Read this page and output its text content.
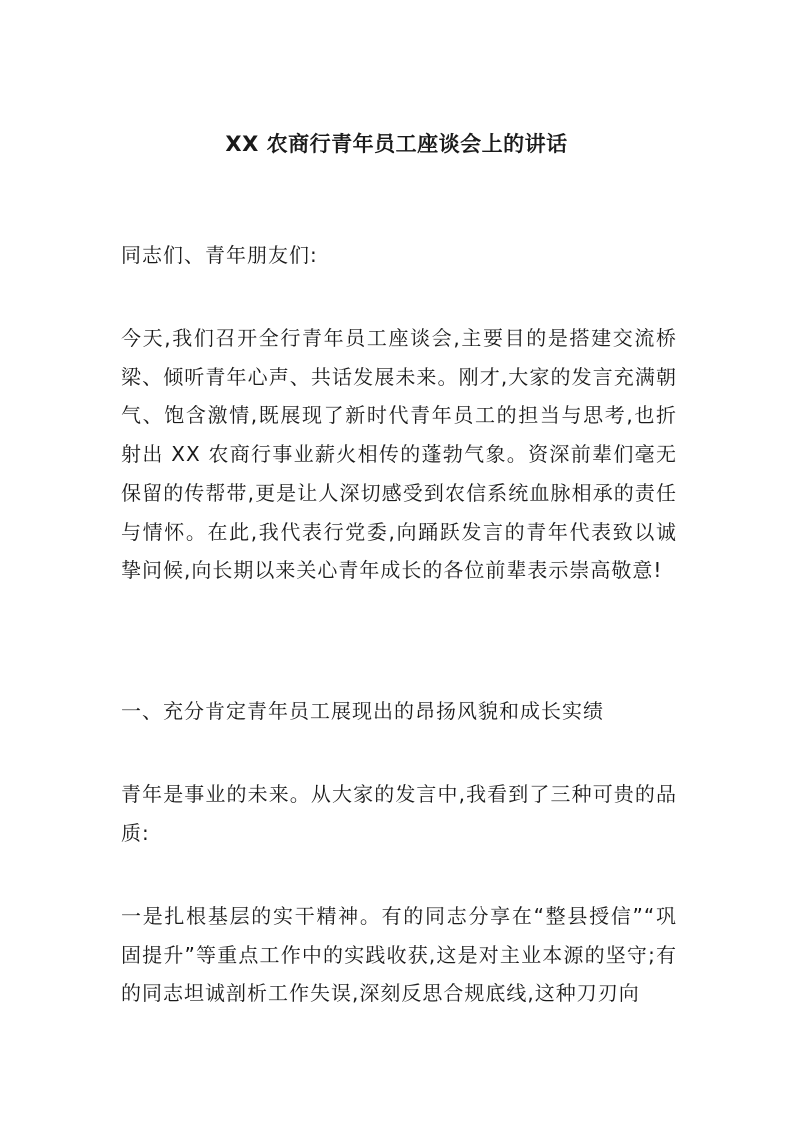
XX 农商行青年员工座谈会上的讲话
同志们、青年朋友们:
今天,我们召开全行青年员工座谈会,主要目的是搭建交流桥梁、倾听青年心声、共话发展未来。刚才,大家的发言充满朝气、饱含激情,既展现了新时代青年员工的担当与思考,也折射出 XX 农商行事业薪火相传的蓬勃气象。资深前辈们毫无保留的传帮带,更是让人深切感受到农信系统血脉相承的责任与情怀。在此,我代表行党委,向踊跃发言的青年代表致以诚挚问候,向长期以来关心青年成长的各位前辈表示崇高敬意!
一、充分肯定青年员工展现出的昂扬风貌和成长实绩
青年是事业的未来。从大家的发言中,我看到了三种可贵的品质:
一是扎根基层的实干精神。有的同志分享在“整县授信”“巩固提升”等重点工作中的实践收获,这是对主业本源的坚守;有的同志坦诚剖析工作失误,深刻反思合规底线,这种刀刃向
